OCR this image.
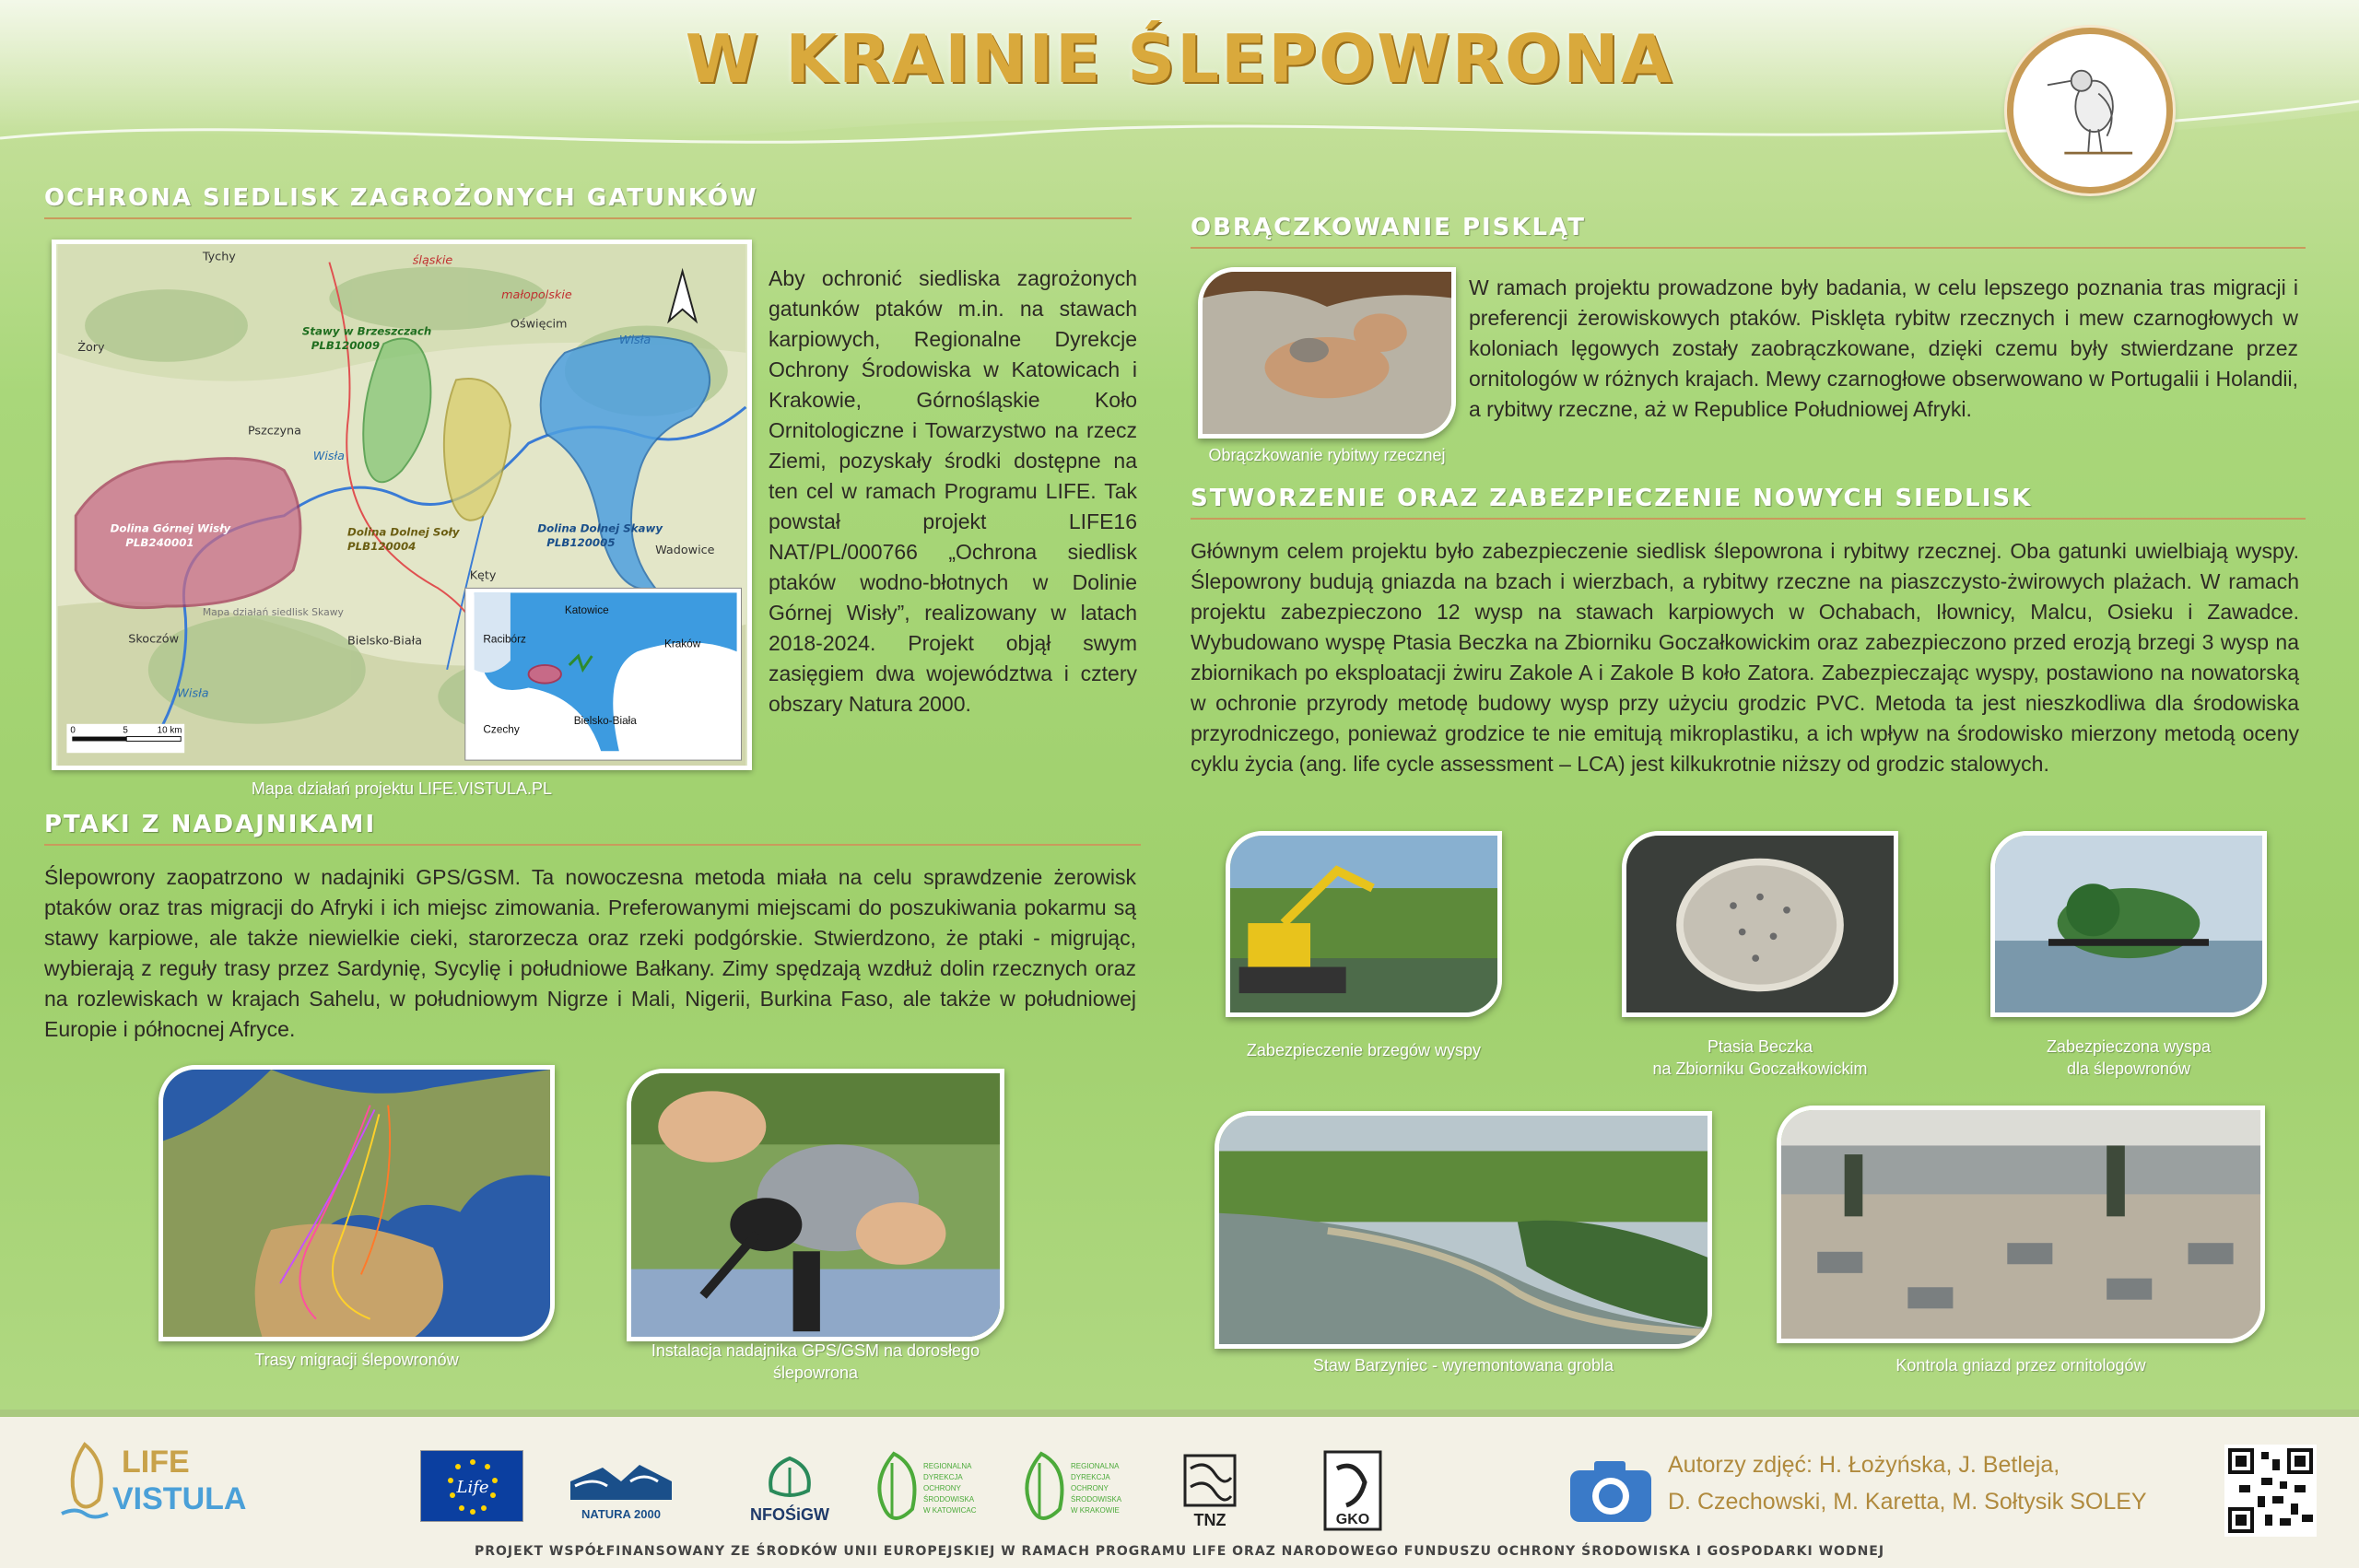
W KRAINIE ŚLEPOWRONA
OCHRONA SIEDLISK ZAGROŻONYCH GATUNKÓW
Tychy	śląskie
małopolskie
Żory
Stawy w Brzeszczach
PLB120009
Oświęcim
Wisła
Wisła
Pszczyna
Dolina Górnej Wisły
PLB240001
Dolina Dolnej Soły
PLB120004
Dolina Dolnej Skawy
PLB120005
Kęty
Wadowice
Bielsko-Biała
Skoczów
Mapa działań siedlisk Skawy
Wisła
0	5	10 km
Katowice
Racibórz	Kraków
Czechy
Bielsko-Biała
Mapa działań projektu LIFE.VISTULA.PL
Aby ochronić siedliska zagrożonych gatunków ptaków m.in. na stawach karpiowych, Regionalne Dyrekcje Ochrony Środowiska w Katowicach i Krakowie, Górnośląskie Koło Ornitologiczne i Towarzystwo na rzecz Ziemi, pozyskały środki dostępne na ten cel w ramach Programu LIFE. Tak powstał projekt LIFE16 NAT/PL/000766 „Ochrona siedlisk ptaków wodno-błotnych w Dolinie Górnej Wisły”, realizowany w latach 2018-2024. Projekt objął swym zasięgiem dwa województwa i cztery obszary Natura 2000.
PTAKI Z NADAJNIKAMI
Ślepowrony zaopatrzono w nadajniki GPS/GSM. Ta nowoczesna metoda miała na celu sprawdzenie żerowisk ptaków oraz tras migracji do Afryki i ich miejsc zimowania. Preferowanymi miejscami do poszukiwania pokarmu są stawy karpiowe, ale także niewielkie cieki, starorzecza oraz rzeki podgórskie. Stwierdzono, że ptaki - migrując, wybierają z reguły trasy przez Sardynię, Sycylię i południowe Bałkany. Zimy spędzają wzdłuż dolin rzecznych oraz na rozlewiskach w krajach Sahelu, w południowym Nigrze i Mali, Nigerii, Burkina Faso, ale także w południowej Europie i północnej Afryce.
Trasy migracji ślepowronów	Instalacja nadajnika GPS/GSM na dorosłego
ślepowrona
OBRĄCZKOWANIE PISKLĄT
Obrączkowanie rybitwy rzecznej
W ramach projektu prowadzone były badania, w celu lepszego poznania tras migracji i preferencji żerowiskowych ptaków. Pisklęta rybitw rzecznych i mew czarnogłowych w koloniach lęgowych zostały zaobrączkowane, dzięki czemu były stwierdzane przez ornitologów w różnych krajach. Mewy czarnogłowe obserwowano w Portugalii i Holandii, a rybitwy rzeczne, aż w Republice Południowej Afryki.
STWORZENIE ORAZ ZABEZPIECZENIE NOWYCH SIEDLISK
Głównym celem projektu było zabezpieczenie siedlisk ślepowrona i rybitwy rzecznej. Oba gatunki uwielbiają wyspy. Ślepowrony budują gniazda na bzach i wierzbach, a rybitwy rzeczne na piaszczysto-żwirowych plażach. W ramach projektu zabezpieczono 12 wysp na stawach karpiowych w Ochabach, Iłownicy, Malcu, Osieku i Zawadce. Wybudowano wyspę Ptasia Beczka na Zbiorniku Goczałkowickim oraz zabezpieczono przed erozją brzegi 3 wysp na zbiornikach po eksploatacji żwiru Zakole A i Zakole B koło Zatora. Zabezpieczając wyspy, postawiono na nowatorską w ochronie przyrody metodę budowy wysp przy użyciu grodzic PVC. Metoda ta jest nieszkodliwa dla środowiska przyrodniczego, ponieważ grodzice te nie emitują mikroplastiku, a ich wpływ na środowisko mierzony metodą oceny cyklu życia (ang. life cycle assessment – LCA) jest kilkukrotnie niższy od grodzic stalowych.
Zabezpieczenie brzegów wyspy	Ptasia Beczka
na Zbiorniku Goczałkowickim
Zabezpieczona wyspa
dla ślepowronów
Staw Barzyniec - wyremontowana grobla	Kontrola gniazd przez ornitologów
LIFE
VISTULA	Life
NATURA 2000	NFOŚiGW
REGIONALNA
DYREKCJA
OCHRONY
ŚRODOWISKA
W KATOWICACH
REGIONALNA
DYREKCJA
OCHRONY
ŚRODOWISKA
W KRAKOWIE
TNZ	GKO
Autorzy zdjęć: H. Łożyńska, J. Betleja,
D. Czechowski, M. Karetta, M. Sołtysik SOLEY
PROJEKT WSPÓŁFINANSOWANY ZE ŚRODKÓW UNII EUROPEJSKIEJ W RAMACH PROGRAMU LIFE ORAZ NARODOWEGO FUNDUSZU OCHRONY ŚRODOWISKA I GOSPODARKI WODNEJ
